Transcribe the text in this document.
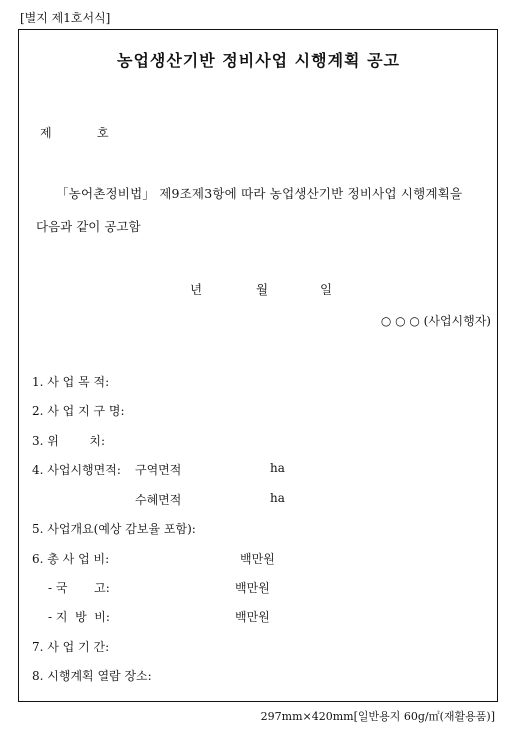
[별지 제1호서식]
농업생산기반 정비사업 시행계획 공고
제	호
「농어촌정비법」 제9조제3항에 따라 농업생산기반 정비사업 시행계획을
다음과 같이 공고함
년	월	일
○ ○ ○ (사업시행자)
1. 사 업 목 적:
2. 사 업 지 구 명:
3. 위        치:
4. 사업시행면적: 구역면적	ha
수혜면적	ha
5. 사업개요(예상 감보율 포함):
6. 총 사 업 비:	백만원
- 국       고:	백만원
- 지  방  비:	백만원
7. 사 업 기 간:
8. 시행계획 열람 장소:
297mm×420mm[일반용지 60g/㎡(재활용품)]
